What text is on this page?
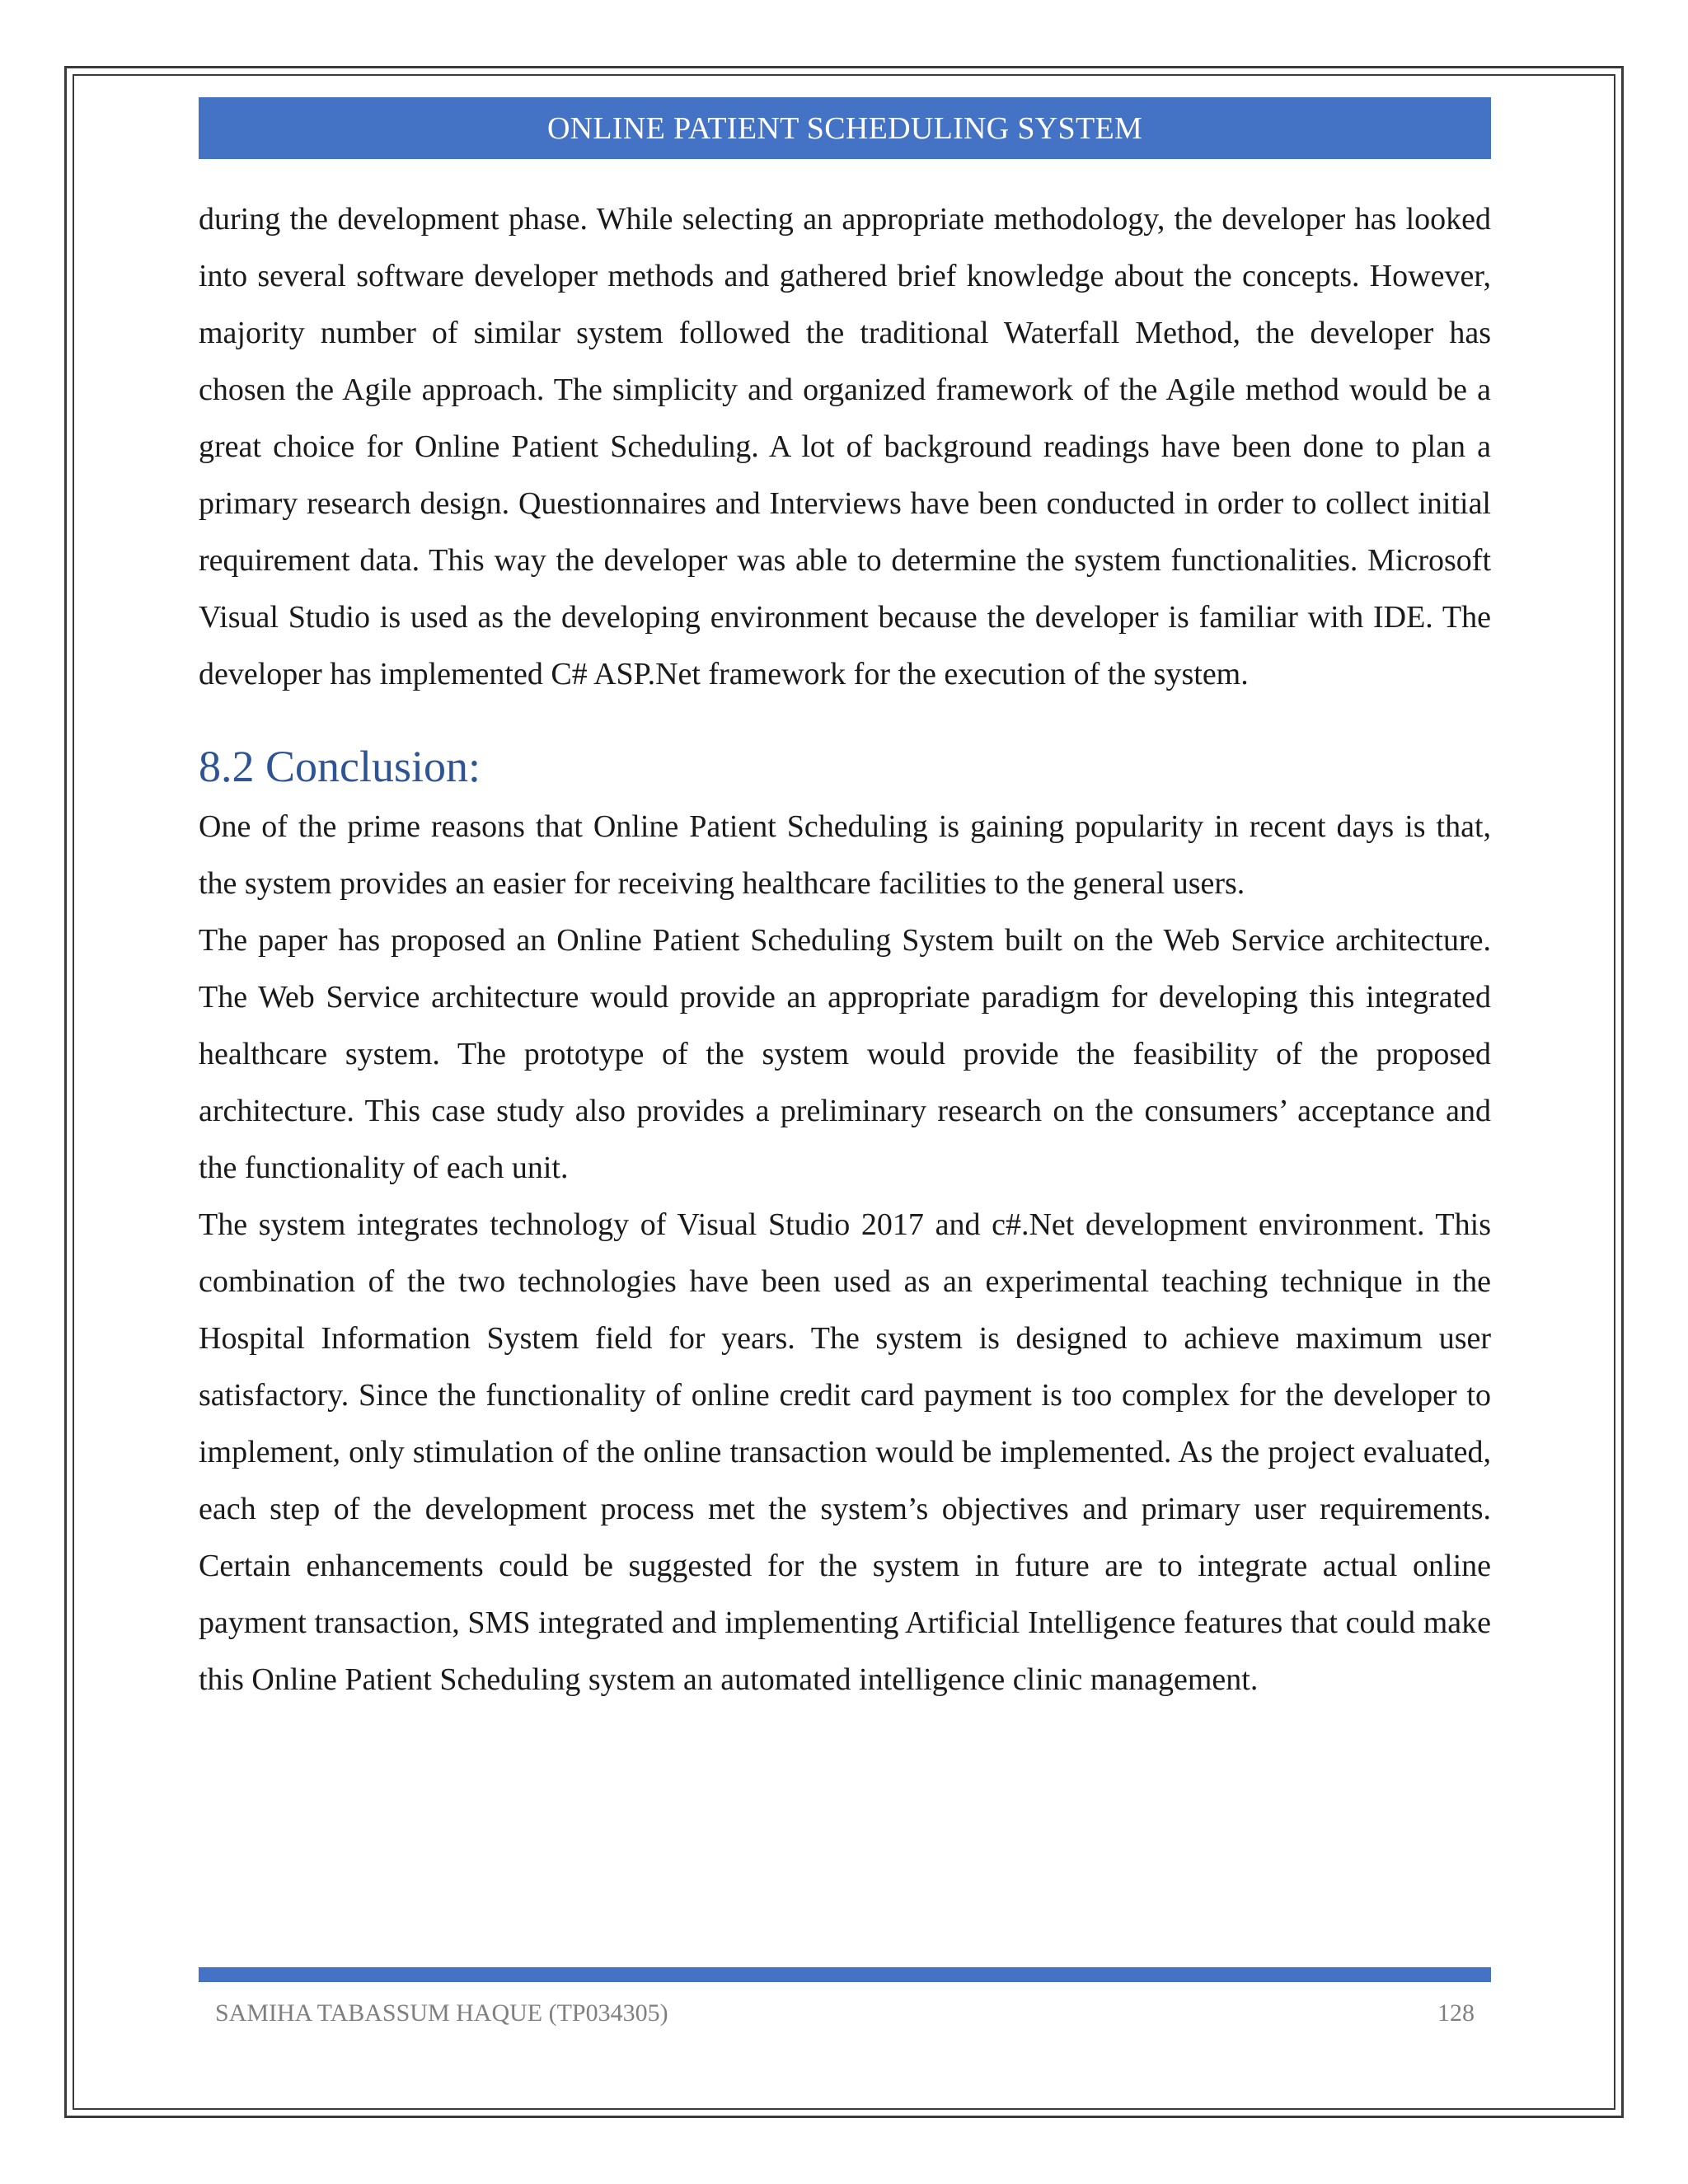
ONLINE PATIENT SCHEDULING SYSTEM

during the development phase. While selecting an appropriate methodology, the developer has looked into several software developer methods and gathered brief knowledge about the concepts. However, majority number of similar system followed the traditional Waterfall Method, the developer has chosen the Agile approach. The simplicity and organized framework of the Agile method would be a great choice for Online Patient Scheduling. A lot of background readings have been done to plan a primary research design. Questionnaires and Interviews have been conducted in order to collect initial requirement data. This way the developer was able to determine the system functionalities. Microsoft Visual Studio is used as the developing environment because the developer is familiar with IDE. The developer has implemented C# ASP.Net framework for the execution of the system.

8.2 Conclusion:

One of the prime reasons that Online Patient Scheduling is gaining popularity in recent days is that, the system provides an easier for receiving healthcare facilities to the general users.

The paper has proposed an Online Patient Scheduling System built on the Web Service architecture. The Web Service architecture would provide an appropriate paradigm for developing this integrated healthcare system. The prototype of the system would provide the feasibility of the proposed architecture. This case study also provides a preliminary research on the consumers’ acceptance and the functionality of each unit.

The system integrates technology of Visual Studio 2017 and c#.Net development environment. This combination of the two technologies have been used as an experimental teaching technique in the Hospital Information System field for years. The system is designed to achieve maximum user satisfactory. Since the functionality of online credit card payment is too complex for the developer to implement, only stimulation of the online transaction would be implemented. As the project evaluated, each step of the development process met the system’s objectives and primary user requirements. Certain enhancements could be suggested for the system in future are to integrate actual online payment transaction, SMS integrated and implementing Artificial Intelligence features that could make this Online Patient Scheduling system an automated intelligence clinic management.

SAMIHA TABASSUM HAQUE (TP034305)	128
